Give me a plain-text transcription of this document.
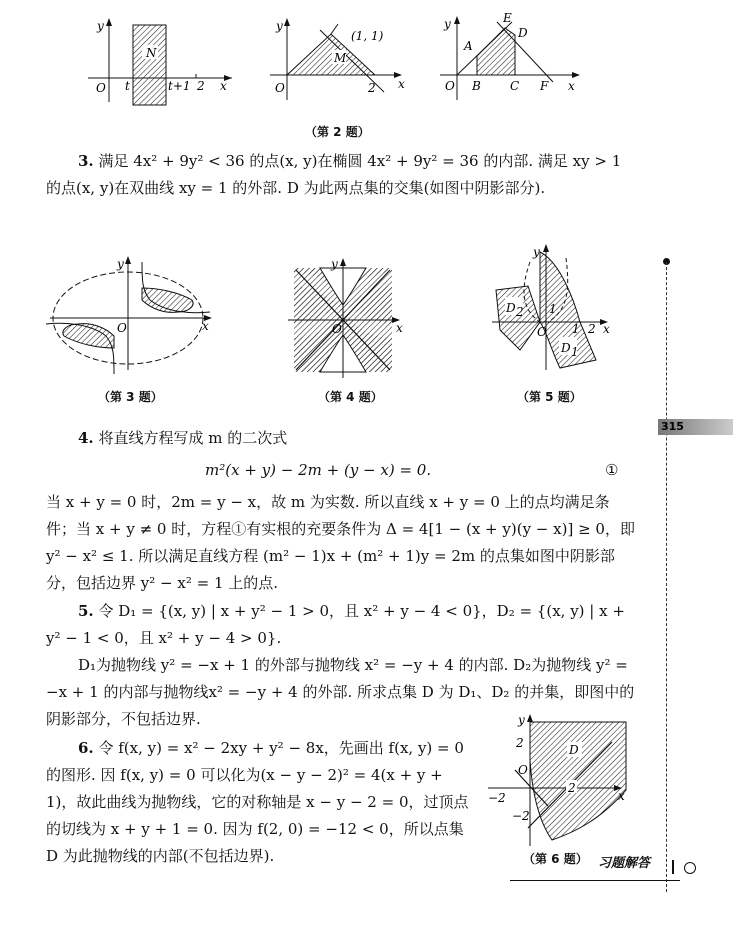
y
O t	t+1 2 x
N
y
(1, 1)
M
O	2 x
y	E
D
A
O B C F x
y
O	x
y
O	x
y
D 2 1
O 1 2 x
D 1
y
2	D
O
−2
2
x
−2
（第 2 题）
（第 3 题）	（第 4 题）	（第 5 题）
（第 6 题）

3. 满足 4x² + 9y² < 36 的点(x, y)在椭圆 4x² + 9y² = 36 的内部. 满足 xy > 1 的点(x, y)在双曲线 xy = 1 的外部. D 为此两点集的交集(如图中阴影部分).

4. 将直线方程写成 m 的二次式

m²(x + y) − 2m + (y − x) = 0.	①

当 x + y = 0 时，2m = y − x，故 m 为实数. 所以直线 x + y = 0 上的点均满足条件；当 x + y ≠ 0 时，方程①有实根的充要条件为 Δ = 4[1 − (x + y)(y − x)] ≥ 0，即 y² − x² ≤ 1. 所以满足直线方程 (m² − 1)x + (m² + 1)y = 2m 的点集如图中阴影部分，包括边界 y² − x² = 1 上的点.

5. 令 D₁ = {(x, y) | x + y² − 1 > 0，且 x² + y − 4 < 0}，D₂ = {(x, y) | x + y² − 1 < 0，且 x² + y − 4 > 0}.

D₁为抛物线 y² = −x + 1 的外部与抛物线 x² = −y + 4 的内部. D₂为抛物线 y² = −x + 1 的内部与抛物线x² = −y + 4 的外部. 所求点集 D 为 D₁、D₂ 的并集，即图中的阴影部分，不包括边界.

6. 令 f(x, y) = x² − 2xy + y² − 8x，先画出 f(x, y) = 0 的图形. 因 f(x, y) = 0 可以化为(x − y − 2)² = 4(x + y + 1)，故此曲线为抛物线，它的对称轴是 x − y − 2 = 0，过顶点的切线为 x + y + 1 = 0. 因为 f(2, 0) = −12 < 0，所以点集 D 为此抛物线的内部(不包括边界).

315
习题解答
